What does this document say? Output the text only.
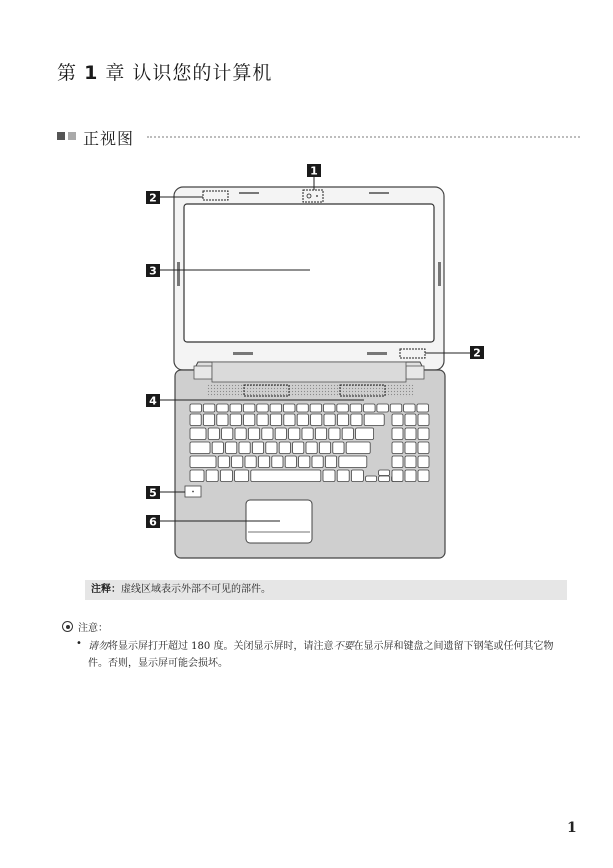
第 1 章 认识您的计算机
正视图
1
2
3
2
4
5
6
注释：虚线区域表示外部不可见的部件。
注意：
• 请勿将显示屏打开超过 180 度。关闭显示屏时，请注意不要在显示屏和键盘之间遗留下钢笔或任何其它物件。否则，显示屏可能会损坏。
1
